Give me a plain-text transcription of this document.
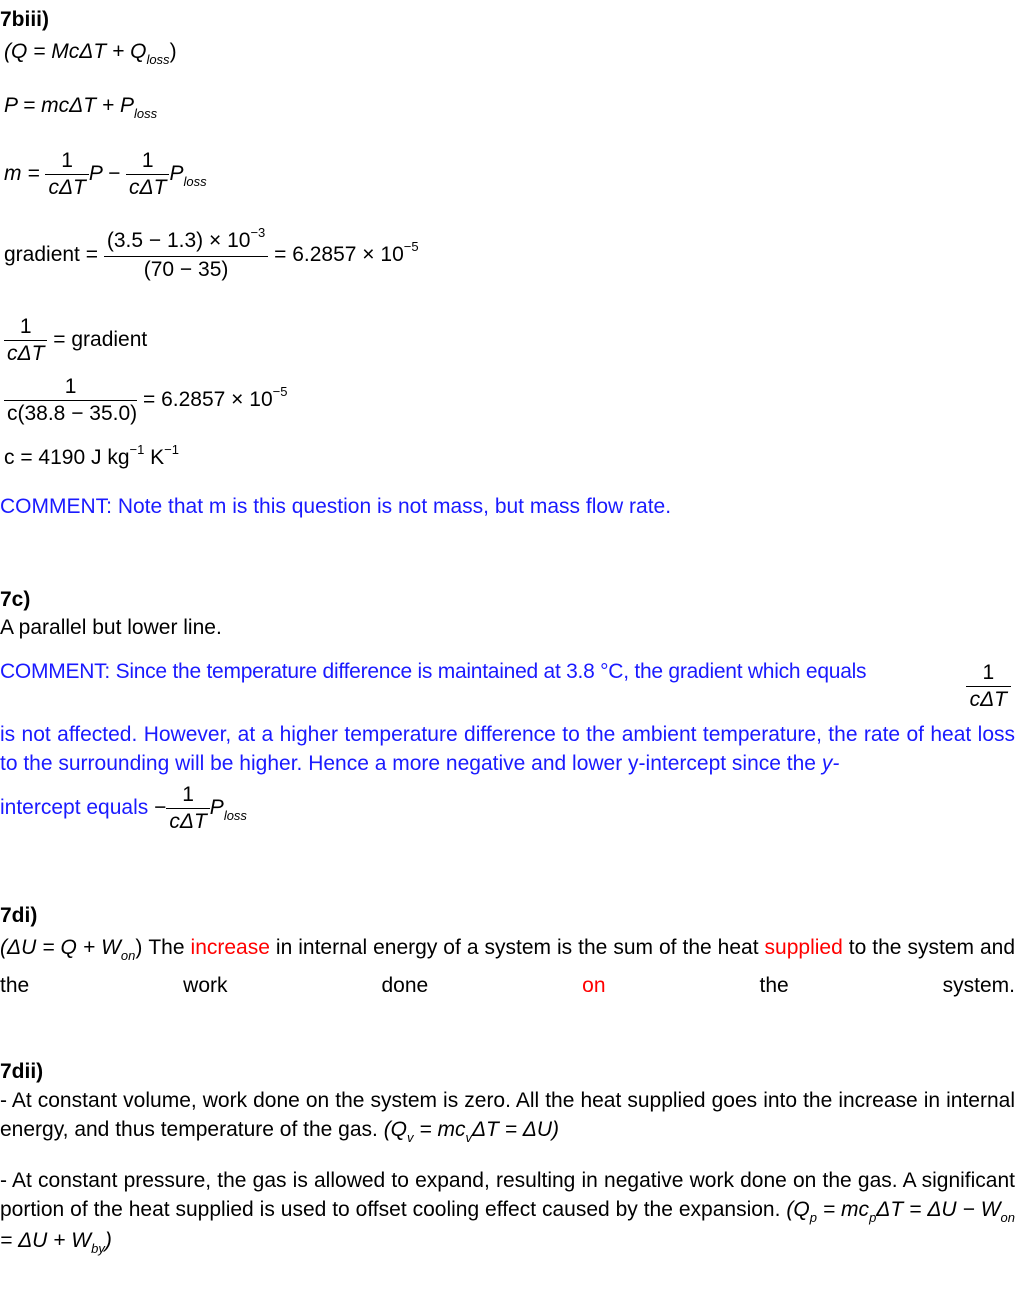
7biii)
$(Q = Mc\Delta T + Q_{loss})$
$P = mc\Delta T + P_{loss}$
$m = \frac{1}{\text{cΔT}}$ $P - \frac{1}{\text{cΔT}} P_{loss}$
gradient = $\frac{(3.5 - 1.3) \times 10^{-3}}{(70 - 35)} = 6.2857 \times 10^{-5}$
$\frac{1}{\text{cΔT}}$ = gradient
$\frac{1}{c(38.8 - 35.0)} = 6.2857 \times 10^{-5}$
c = 4190 J $kg^{-1}$ $K^{-1}$
COMMENT: Note that m is this question is not mass, but mass flow rate.
7c)
A parallel but lower line.
COMMENT: Since the temperature difference is maintained at 3.8 °C, the gradient which equals	1
cΔT
is not affected. However, at a higher temperature difference to the ambient temperature, the rate of heat loss to the surrounding will be higher. Hence a more negative and lower y-intercept since the y-
intercept equals − $\frac{1}{\text{cΔT}} P_{loss}$
7di)
$(\Delta U = Q + W_{on})$ The increase in internal energy of a system is the sum of the heat supplied to the system and the work done on the system.
7dii)
- At constant volume, work done on the system is zero. All the heat supplied goes into the increase in internal energy, and thus temperature of the gas. $(Q_v = mc_v\Delta T = \Delta U)$
- At constant pressure, the gas is allowed to expand, resulting in negative work done on the gas. A significant portion of the heat supplied is used to offset cooling effect caused by the expansion. $(Q_p = mc_p\Delta T = \Delta U - W_{on} = \Delta U + W_{by})$
